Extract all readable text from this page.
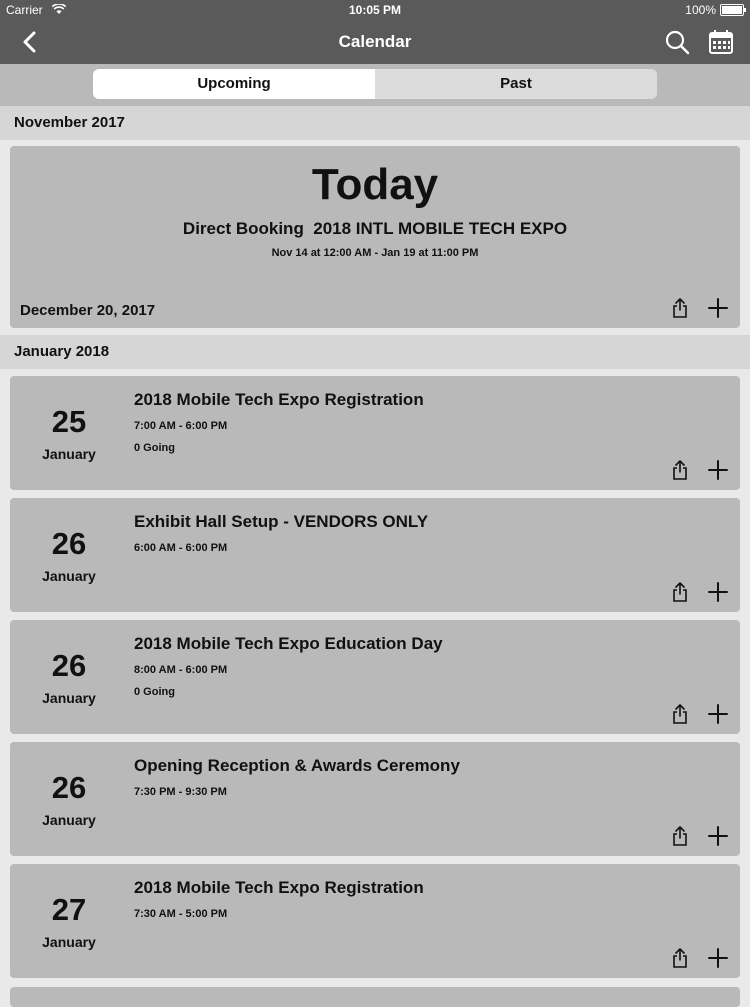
Carrier	10:05 PM	100%
Calendar
Upcoming	Past
November 2017
Today
Direct Booking  2018 INTL MOBILE TECH EXPO
Nov 14 at 12:00 AM - Jan 19 at 11:00 PM
December 20, 2017
January 2018
25
January
2018 Mobile Tech Expo Registration
7:00 AM - 6:00 PM
0 Going
26
January
Exhibit Hall Setup - VENDORS ONLY
6:00 AM - 6:00 PM
26
January
2018 Mobile Tech Expo Education Day
8:00 AM - 6:00 PM
0 Going
26
January
Opening Reception & Awards Ceremony
7:30 PM - 9:30 PM
27
January
2018 Mobile Tech Expo Registration
7:30 AM - 5:00 PM
